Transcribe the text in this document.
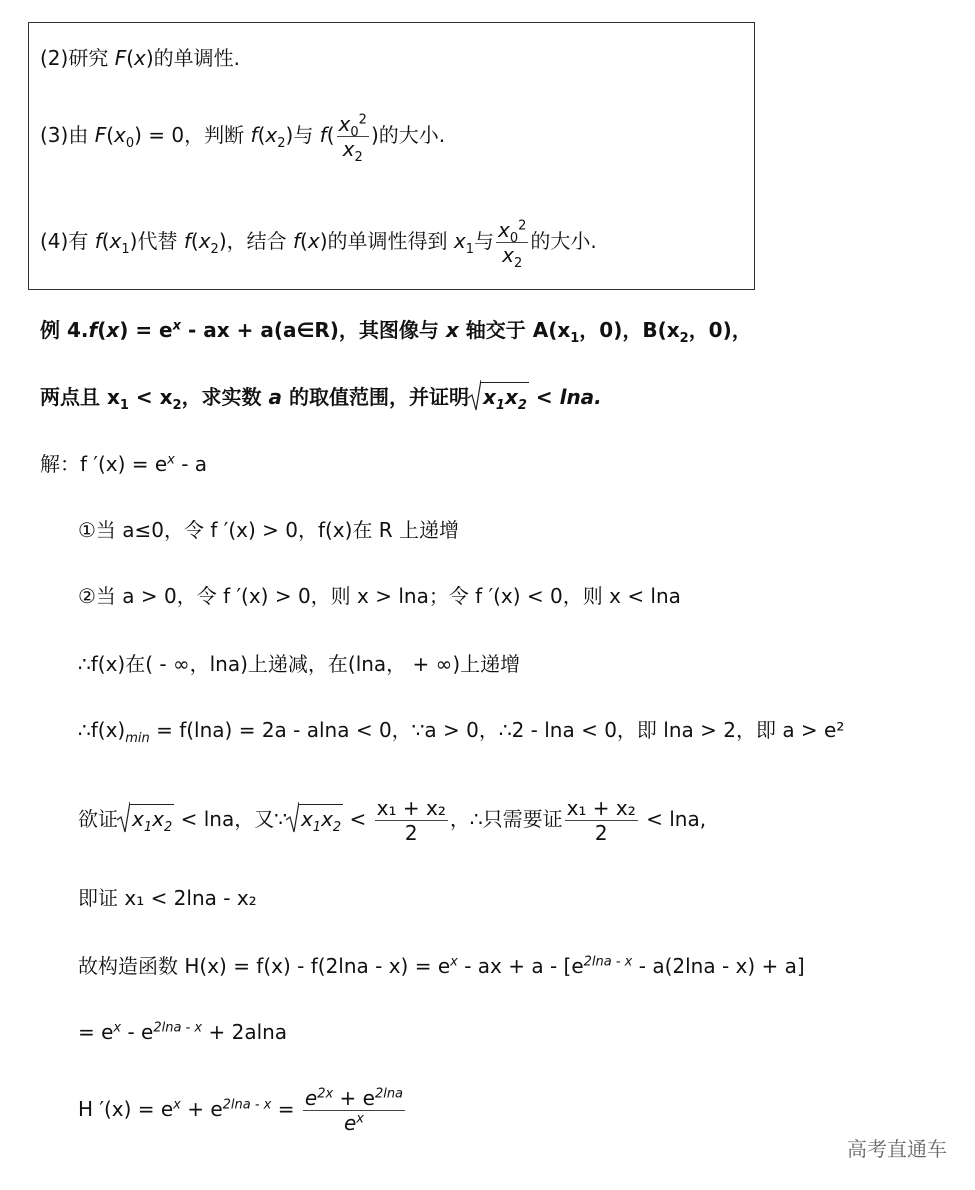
(2)研究 F(x)的单调性.
(3)由 $F(x_0) = 0$，判断 $f(x_2)$与 $f( \frac{x_0^2}{x_2}$ )的大小.
(4)有 $f(x_1)$代替 $f(x_2)$，结合 f(x)的单调性得到 $x_1$与 $\frac{x_0^2}{x_2}$ 的大小.
例 $4.f(x) = e^x$ - ax + a(a∈R)，其图像与 x 轴交于 $A(x_1$，0)，$B(x_2$，0)，
两点且 $x_1 < x_2$，求实数 a 的取值范围，并证明 $x_1x_2 < \ln a$.
解：f $'(x) = e^x - a$
①当 a≤0，令 f ′(x) > 0，f(x)在 R 上递增
②当 a > 0，令 f ′(x) > 0，则 x > lna；令 f ′(x) < 0，则 x < lna
∴f(x)在( - ∞，lna)上递减，在(lna， + ∞)上递增
$\therefore f(x)_{min} = f(\ln a) = 2a - alna < 0$，∵a > 0，∴2 - lna < 0，即 lna > 2，即 a > e²
欲证 $x_1x_2 < \ln a$，又∵ $x_1x_2 < \frac{\text{x₁ + x₂}}{2}$ ，∴只需要证 $\frac{\text{x₁ + x₂}}{2} < \ln a$,
即证 x₁ < 2lna - x₂
故构造函数 $H(x) = f(x) - f(2\ln a - x) = e^x$ - ax + $a - [e^{2lna - x} - a(2\ln a - x) + a]$
= $e^x - e^{2lna - x} + 2alna$
H $'(x) = e^x + e^{2lna - x} = \frac{e^{2x} + e^{2lna}}{e^x}$
高考直通车
